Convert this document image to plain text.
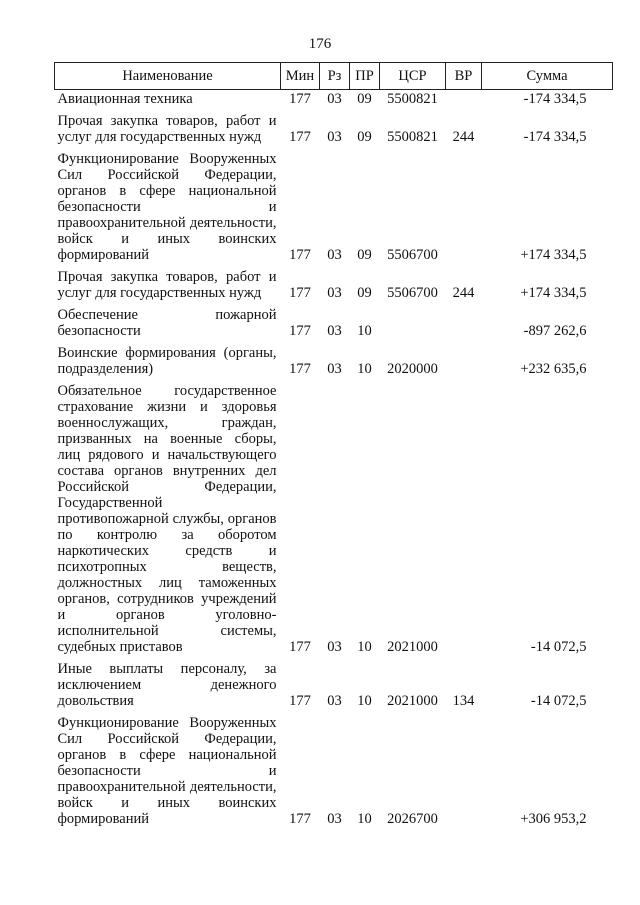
176
Наименование	Мин	Рз	ПР	ЦСР	ВР	Сумма
Авиационная техника	177	03	09	5500821		-174 334,5
Прочая закупка товаров, работ и услуг для государственных нужд	177	03	09	5500821	244	-174 334,5
Функционирование Вооруженных Сил Российской Федерации, органов в сфере национальной безопасности и правоохранительной деятельности, войск и иных воинских формирований	177	03	09	5506700		+174 334,5
Прочая закупка товаров, работ и услуг для государственных нужд	177	03	09	5506700	244	+174 334,5
Обеспечение пожарной безопасности	177	03	10			-897 262,6
Воинские формирования (органы, подразделения)	177	03	10	2020000		+232 635,6
Обязательное государственное страхование жизни и здоровья военнослужащих, граждан, призванных на военные сборы, лиц рядового и начальствующего состава органов внутренних дел Российской Федерации, Государственной противопожарной службы, органов по контролю за оборотом наркотических средств и психотропных веществ, должностных лиц таможенных органов, сотрудников учреждений и органов уголовно-исполнительной системы, судебных приставов	177	03	10	2021000		-14 072,5
Иные выплаты персоналу, за исключением денежного довольствия	177	03	10	2021000	134	-14 072,5
Функционирование Вооруженных Сил Российской Федерации, органов в сфере национальной безопасности и правоохранительной деятельности, войск и иных воинских формирований	177	03	10	2026700		+306 953,2
